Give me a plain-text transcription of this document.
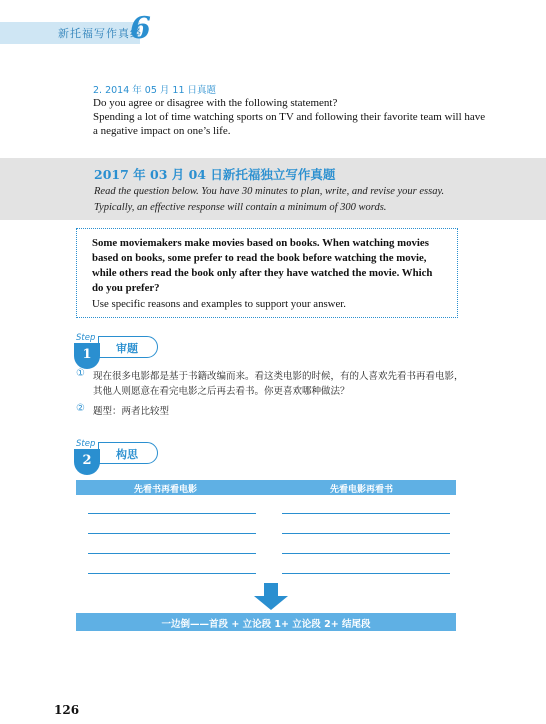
新托福写作真经
6
2. 2014 年 05 月 11 日真题
Do you agree or disagree with the following statement?
Spending a lot of time watching sports on TV and following their favorite team will have
a negative impact on one’s life.
2017 年 03 月 04 日新托福独立写作真题
Read the question below. You have 30 minutes to plan, write, and revise your essay.
Typically, an effective response will contain a minimum of 300 words.
Some moviemakers make movies based on books. When watching movies
based on books, some prefer to read the book before watching the movie,
while others read the book only after they have watched the movie. Which
do you prefer?
Use specific reasons and examples to support your answer.
审题
Step
1
① 现在很多电影都是基于书籍改编而来。看这类电影的时候，有的人喜欢先看书再看电影，
其他人则愿意在看完电影之后再去看书。你更喜欢哪种做法？
② 题型：两者比较型
构思
Step
2
先看书再看电影	先看电影再看书
一边倒——首段 + 立论段 1+ 立论段 2+ 结尾段
126
